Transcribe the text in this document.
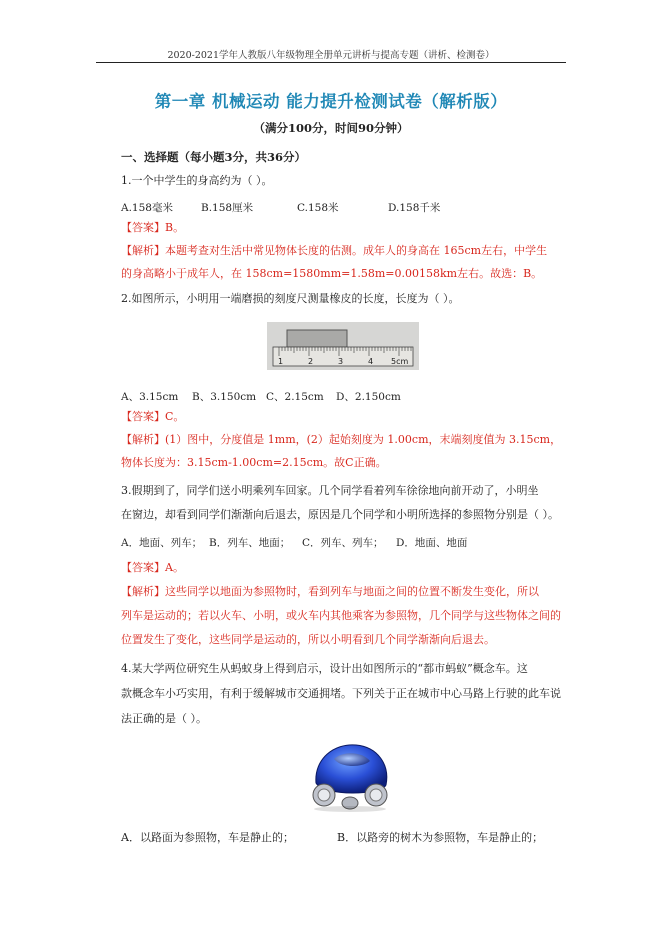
2020-2021学年人教版八年级物理全册单元讲析与提高专题（讲析、检测卷）
第一章 机械运动 能力提升检测试卷（解析版）
（满分100分，时间90分钟）
一、选择题（每小题3分，共36分）
1.一个中学生的身高约为（ ）。
A.158毫米	B.158厘米	C.158米	D.158千米
【答案】B。
【解析】本题考查对生活中常见物体长度的估测。成年人的身高在 165cm左右，中学生
的身高略小于成年人，在 158cm=1580mm=1.58m=0.00158km左右。故选：B。
2.如图所示，小明用一端磨损的刻度尺测量橡皮的长度，长度为（ ）。
1	2	3	4 5cm
A、3.15cm B、3.150cm C、2.15cm D、2.150cm
【答案】C。
【解析】(1）图中，分度值是 1mm，(2）起始刻度为 1.00cm，末端刻度值为 3.15cm，
物体长度为：3.15cm-1.00cm=2.15cm。故C正确。
3.假期到了，同学们送小明乘列车回家。几个同学看着列车徐徐地向前开动了，小明坐
在窗边，却看到同学们渐渐向后退去，原因是几个同学和小明所选择的参照物分别是（ ）。
A．地面、列车； B．列车、地面； C．列车、列车； D．地面、地面
【答案】A。
【解析】这些同学以地面为参照物时，看到列车与地面之间的位置不断发生变化，所以
列车是运动的；若以火车、小明，或火车内其他乘客为参照物，几个同学与这些物体之间的
位置发生了变化，这些同学是运动的，所以小明看到几个同学渐渐向后退去。
4.某大学两位研究生从蚂蚁身上得到启示，设计出如图所示的“都市蚂蚁”概念车。这
款概念车小巧实用，有利于缓解城市交通拥堵。下列关于正在城市中心马路上行驶的此车说
法正确的是（ ）。
A．以路面为参照物，车是静止的；	B．以路旁的树木为参照物，车是静止的；
